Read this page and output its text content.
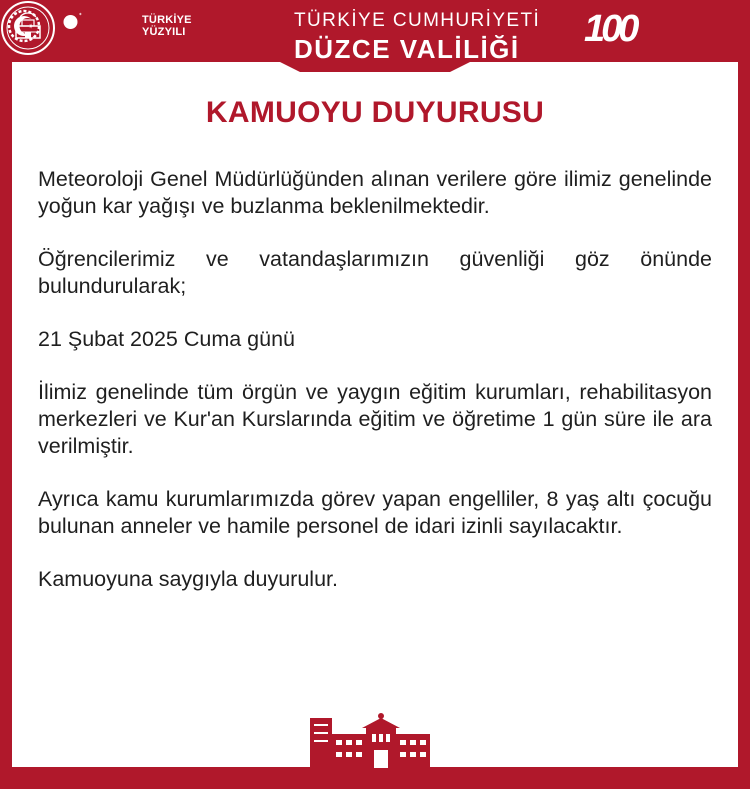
TÜRKİYE
YÜZYILI
TÜRKİYE CUMHURİYETİ
DÜZCE VALİLİĞİ 100
KAMUOYU DUYURUSU

Meteoroloji Genel Müdürlüğünden alınan verilere göre ilimiz genelinde yoğun kar yağışı ve buzlanma beklenilmektedir.

Öğrencilerimiz ve vatandaşlarımızın güvenliği göz önünde bulundurularak;

21 Şubat 2025 Cuma günü

İlimiz genelinde tüm örgün ve yaygın eğitim kurumları, rehabilitasyon merkezleri ve Kur'an Kurslarında eğitim ve öğretime 1 gün süre ile ara verilmiştir.

Ayrıca kamu kurumlarımızda görev yapan engelliler, 8 yaş altı çocuğu bulunan anneler ve hamile personel de idari izinli sayılacaktır.

Kamuoyuna saygıyla duyurulur.
